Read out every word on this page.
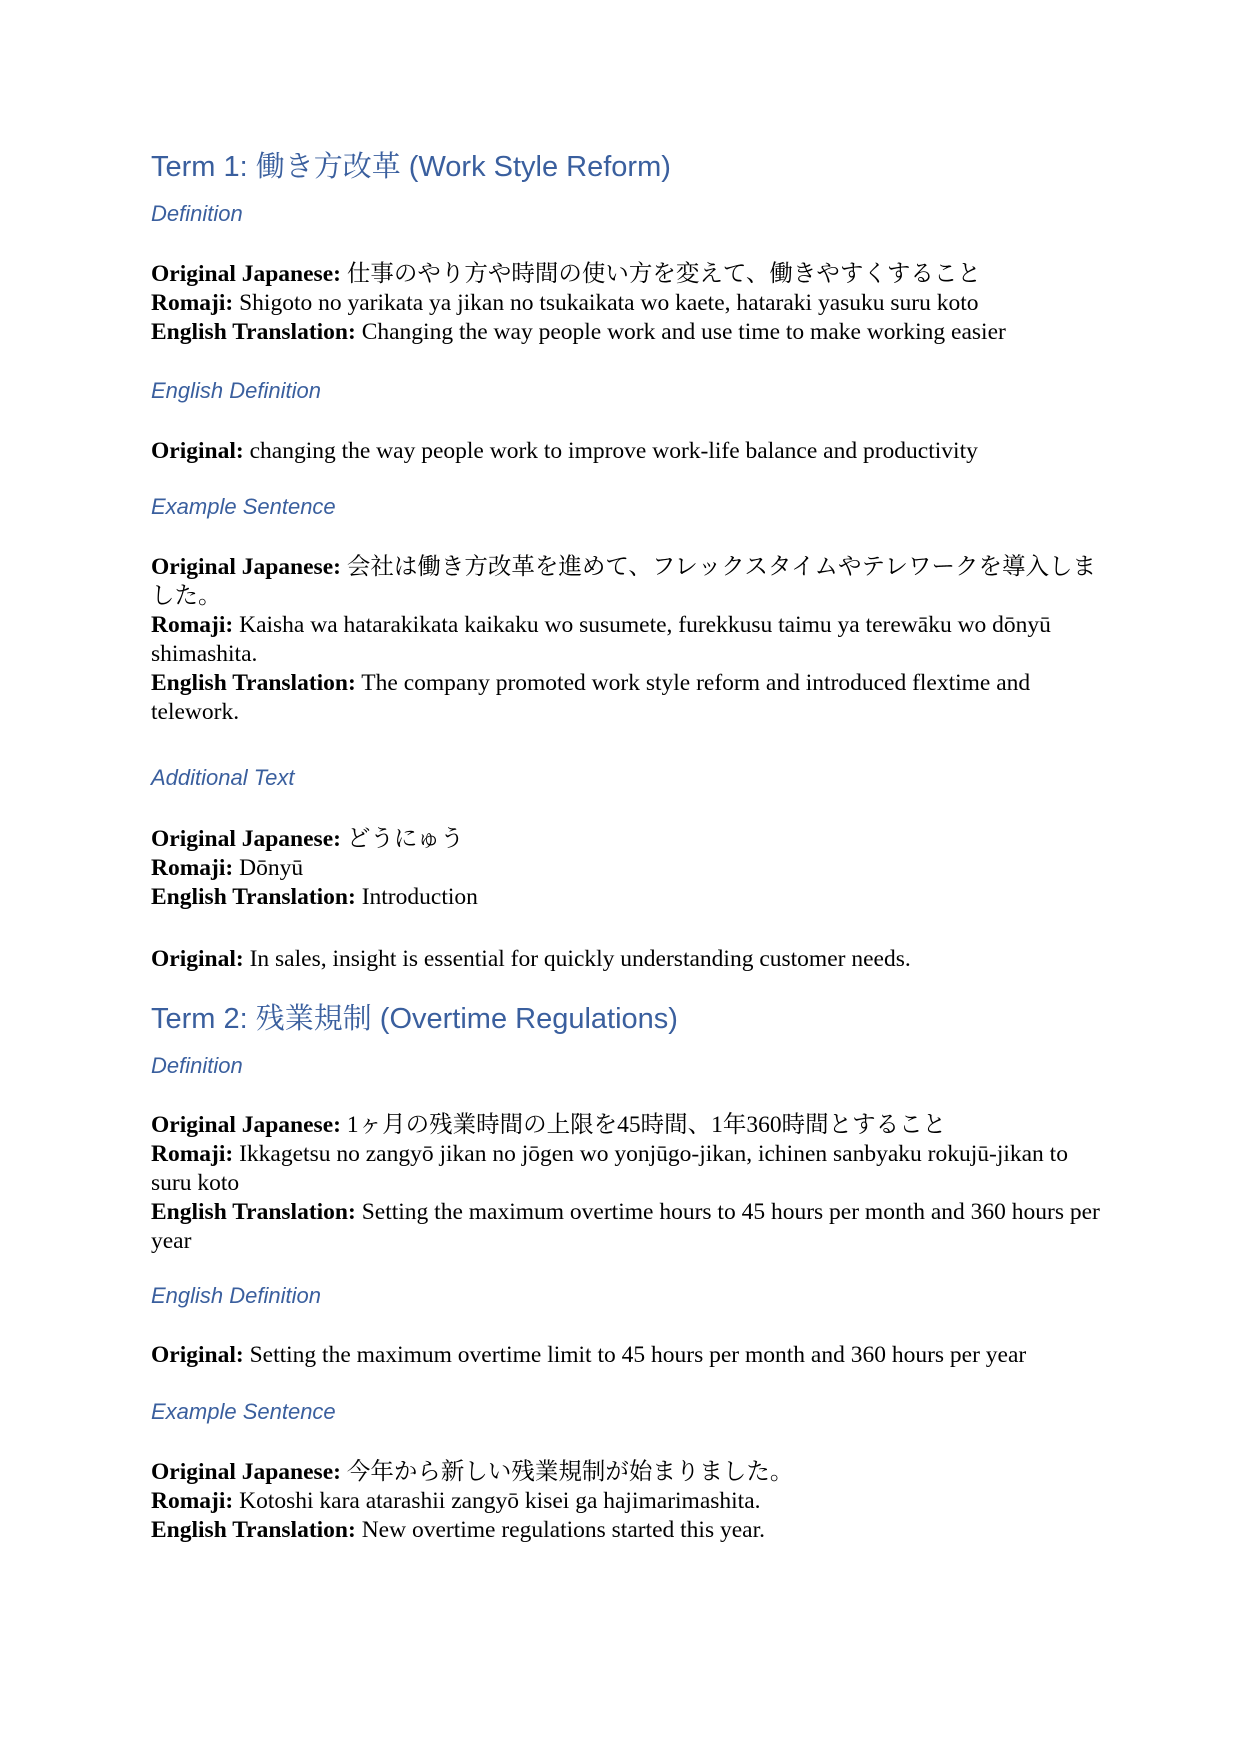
Term 1: 働き方改革 (Work Style Reform)

Definition

Original Japanese: 仕事のやり方や時間の使い方を変えて、働きやすくすること
Romaji: Shigoto no yarikata ya jikan no tsukaikata wo kaete, hataraki yasuku suru koto
English Translation: Changing the way people work and use time to make working easier

English Definition

Original: changing the way people work to improve work-life balance and productivity

Example Sentence

Original Japanese: 会社は働き方改革を進めて、フレックスタイムやテレワークを導入しました。
Romaji: Kaisha wa hatarakikata kaikaku wo susumete, furekkusu taimu ya terewāku wo dōnyū shimashita.
English Translation: The company promoted work style reform and introduced flextime and telework.

Additional Text

Original Japanese: どうにゅう
Romaji: Dōnyū
English Translation: Introduction
Original: In sales, insight is essential for quickly understanding customer needs.
Term 2: 残業規制 (Overtime Regulations)

Definition

Original Japanese: 1ヶ月の残業時間の上限を45時間、1年360時間とすること
Romaji: Ikkagetsu no zangyō jikan no jōgen wo yonjūgo-jikan, ichinen sanbyaku rokujū-jikan to suru koto
English Translation: Setting the maximum overtime hours to 45 hours per month and 360 hours per year

English Definition

Original: Setting the maximum overtime limit to 45 hours per month and 360 hours per year

Example Sentence

Original Japanese: 今年から新しい残業規制が始まりました。
Romaji: Kotoshi kara atarashii zangyō kisei ga hajimarimashita.
English Translation: New overtime regulations started this year.
